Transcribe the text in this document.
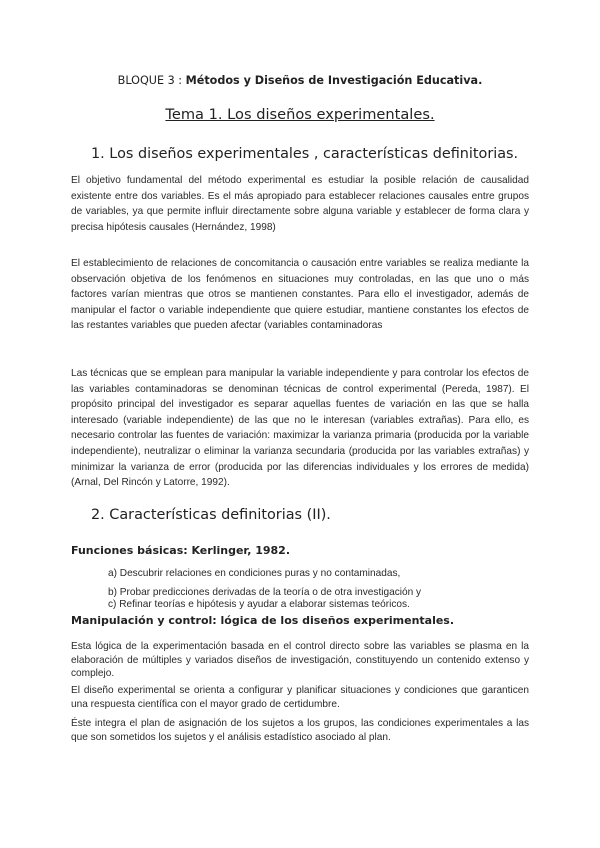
BLOQUE 3 : Métodos y Diseños de Investigación Educativa.
Tema 1. Los diseños experimentales.
1. Los diseños experimentales , características definitorias.

El objetivo fundamental del método experimental es estudiar la posible relación de causalidad existente entre dos variables. Es el más apropiado para establecer relaciones causales entre grupos de variables, ya que permite influir directamente sobre alguna variable y establecer de forma clara y precisa hipótesis causales (Hernández, 1998)

El establecimiento de relaciones de concomitancia o causación entre variables se realiza mediante la observación objetiva de los fenómenos en situaciones muy controladas, en las que uno o más factores varían mientras que otros se mantienen constantes. Para ello el investigador, además de manipular el factor o variable independiente que quiere estudiar, mantiene constantes los efectos de las restantes variables que pueden afectar (variables contaminadoras

Las técnicas que se emplean para manipular la variable independiente y para controlar los efectos de las variables contaminadoras se denominan técnicas de control experimental (Pereda, 1987). El propósito principal del investigador es separar aquellas fuentes de variación en las que se halla interesado (variable independiente) de las que no le interesan (variables extrañas). Para ello, es necesario controlar las fuentes de variación: maximizar la varianza primaria (producida por la variable independiente), neutralizar o eliminar la varianza secundaria (producida por las variables extrañas) y minimizar la varianza de error (producida por las diferencias individuales y los errores de medida) (Arnal, Del Rincón y Latorre, 1992).

2. Características definitorias (II).
Funciones básicas: Kerlinger, 1982.
a) Descubrir relaciones en condiciones puras y no contaminadas,
b) Probar predicciones derivadas de la teoría o de otra investigación y
c) Refinar teorías e hipótesis y ayudar a elaborar sistemas teóricos.
Manipulación y control: lógica de los diseños experimentales.

Esta lógica de la experimentación basada en el control directo sobre las variables se plasma en la elaboración de múltiples y variados diseños de investigación, constituyendo un contenido extenso y complejo.

El diseño experimental se orienta a configurar y planificar situaciones y condiciones que garanticen una respuesta científica con el mayor grado de certidumbre.

Éste integra el plan de asignación de los sujetos a los grupos, las condiciones experimentales a las que son sometidos los sujetos y el análisis estadístico asociado al plan.
